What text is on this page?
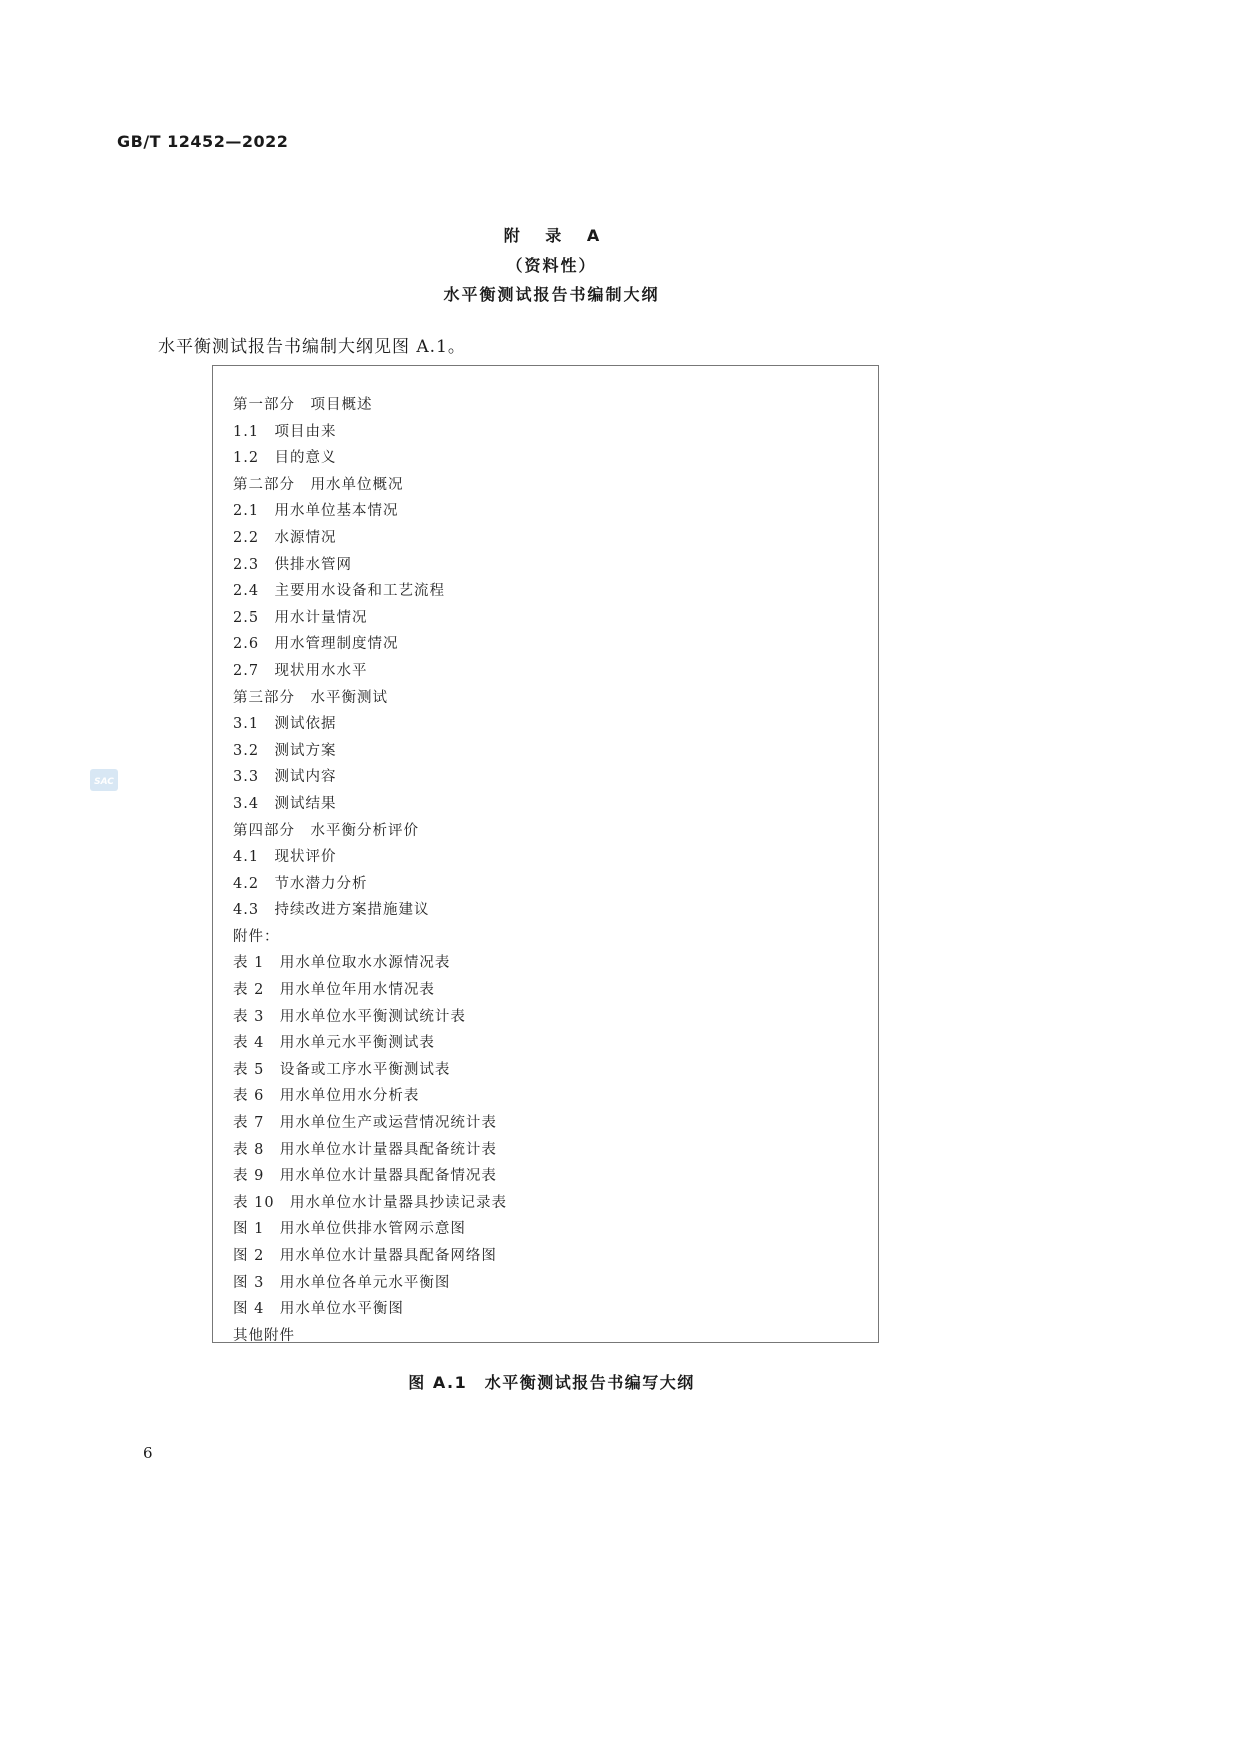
GB/T 12452—2022
附 录 A
（资料性）
水平衡测试报告书编制大纲
水平衡测试报告书编制大纲见图 A.1。
第一部分　项目概述
1.1　项目由来
1.2　目的意义
第二部分　用水单位概况
2.1　用水单位基本情况
2.2　水源情况
2.3　供排水管网
2.4　主要用水设备和工艺流程
2.5　用水计量情况
2.6　用水管理制度情况
2.7　现状用水水平
第三部分　水平衡测试
3.1　测试依据
3.2　测试方案
3.3　测试内容
3.4　测试结果
第四部分　水平衡分析评价
4.1　现状评价
4.2　节水潜力分析
4.3　持续改进方案措施建议
附件：
表 1　用水单位取水水源情况表
表 2　用水单位年用水情况表
表 3　用水单位水平衡测试统计表
表 4　用水单元水平衡测试表
表 5　设备或工序水平衡测试表
表 6　用水单位用水分析表
表 7　用水单位生产或运营情况统计表
表 8　用水单位水计量器具配备统计表
表 9　用水单位水计量器具配备情况表
表 10　用水单位水计量器具抄读记录表
图 1　用水单位供排水管网示意图
图 2　用水单位水计量器具配备网络图
图 3　用水单位各单元水平衡图
图 4　用水单位水平衡图
其他附件
图 A.1　水平衡测试报告书编写大纲
6
SAC
